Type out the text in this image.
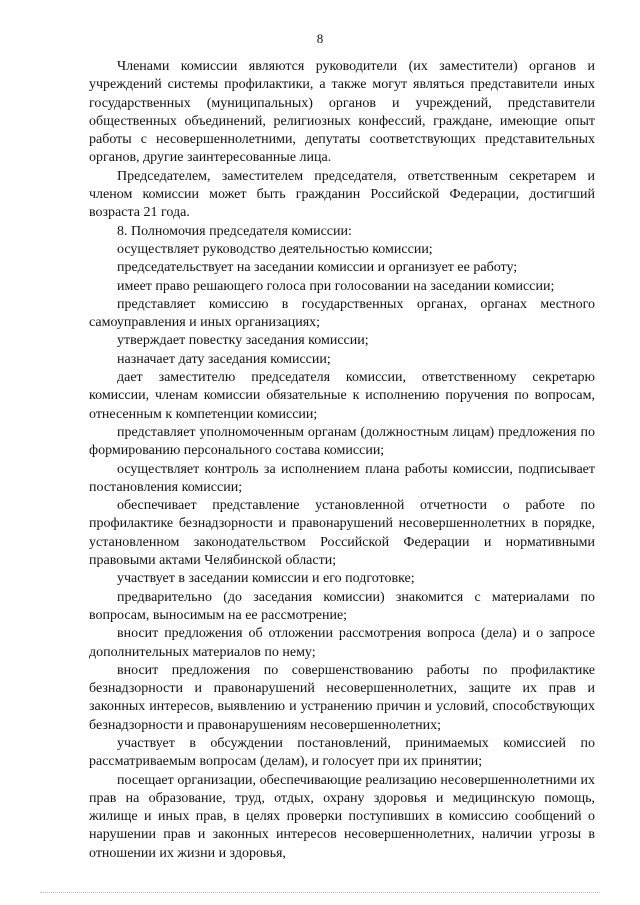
8

Членами комиссии являются руководители (их заместители) органов и учреждений системы профилактики, а также могут являться представители иных государственных (муниципальных) органов и учреждений, представители общественных объединений, религиозных конфессий, граждане, имеющие опыт работы с несовершеннолетними, депутаты соответствующих представительных органов, другие заинтересованные лица.

Председателем, заместителем председателя, ответственным секретарем и членом комиссии может быть гражданин Российской Федерации, достигший возраста 21 года.

8. Полномочия председателя комиссии:

осуществляет руководство деятельностью комиссии;

председательствует на заседании комиссии и организует ее работу;

имеет право решающего голоса при голосовании на заседании комиссии;

представляет комиссию в государственных органах, органах местного самоуправления и иных организациях;

утверждает повестку заседания комиссии;

назначает дату заседания комиссии;

дает заместителю председателя комиссии, ответственному секретарю комиссии, членам комиссии обязательные к исполнению поручения по вопросам, отнесенным к компетенции комиссии;

представляет уполномоченным органам (должностным лицам) предложения по формированию персонального состава комиссии;

осуществляет контроль за исполнением плана работы комиссии, подписывает постановления комиссии;

обеспечивает представление установленной отчетности о работе по профилактике безнадзорности и правонарушений несовершеннолетних в порядке, установленном законодательством Российской Федерации и нормативными правовыми актами Челябинской области;

участвует в заседании комиссии и его подготовке;

предварительно (до заседания комиссии) знакомится с материалами по вопросам, выносимым на ее рассмотрение;

вносит предложения об отложении рассмотрения вопроса (дела) и о запросе дополнительных материалов по нему;

вносит предложения по совершенствованию работы по профилактике безнадзорности и правонарушений несовершеннолетних, защите их прав и законных интересов, выявлению и устранению причин и условий, способствующих безнадзорности и правонарушениям несовершеннолетних;

участвует в обсуждении постановлений, принимаемых комиссией по рассматриваемым вопросам (делам), и голосует при их принятии;

посещает организации, обеспечивающие реализацию несовершеннолетними их прав на образование, труд, отдых, охрану здоровья и медицинскую помощь, жилище и иных прав, в целях проверки поступивших в комиссию сообщений о нарушении прав и законных интересов несовершеннолетних, наличии угрозы в отношении их жизни и здоровья,
